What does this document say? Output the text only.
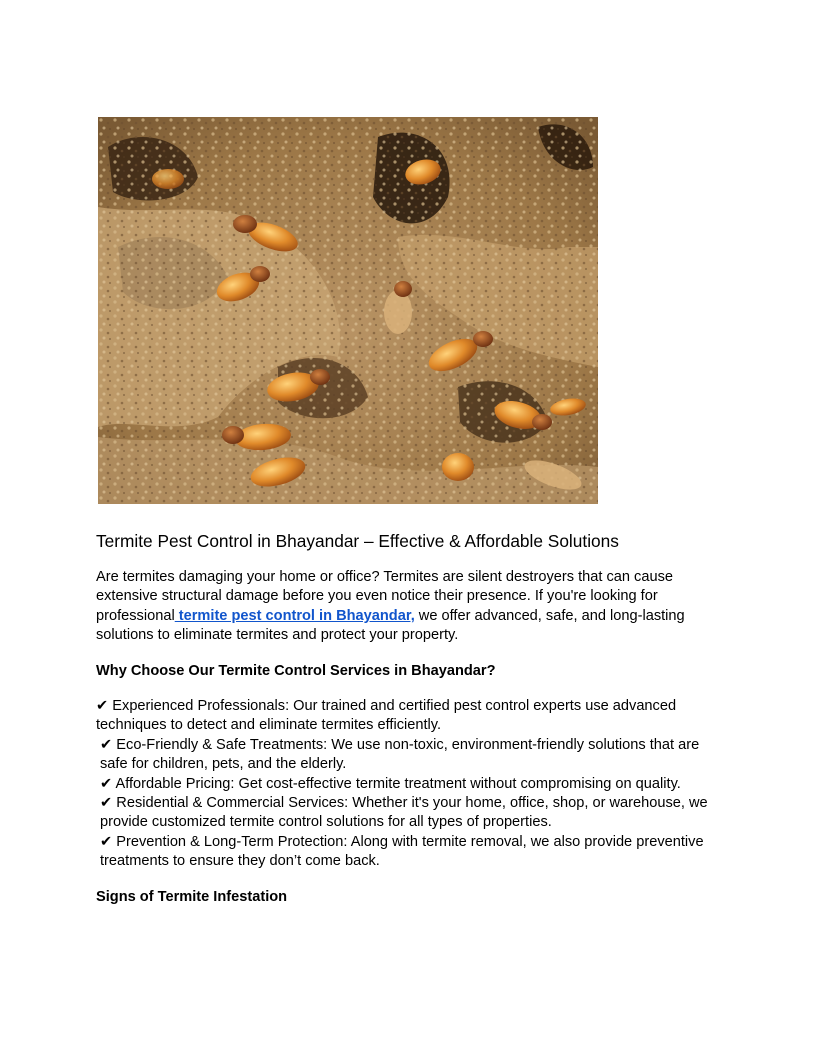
Termite Pest Control in Bhayandar – Effective & Affordable Solutions

Are termites damaging your home or office? Termites are silent destroyers that can cause extensive structural damage before you even notice their presence. If you're looking for professional termite pest control in Bhayandar, we offer advanced, safe, and long-lasting solutions to eliminate termites and protect your property.

Why Choose Our Termite Control Services in Bhayandar?
✔ Experienced Professionals: Our trained and certified pest control experts use advanced techniques to detect and eliminate termites efficiently.
✔ Eco-Friendly & Safe Treatments: We use non-toxic, environment-friendly solutions that are safe for children, pets, and the elderly.
✔ Affordable Pricing: Get cost-effective termite treatment without compromising on quality.
✔ Residential & Commercial Services: Whether it's your home, office, shop, or warehouse, we provide customized termite control solutions for all types of properties.
✔ Prevention & Long-Term Protection: Along with termite removal, we also provide preventive treatments to ensure they don’t come back.
Signs of Termite Infestation
